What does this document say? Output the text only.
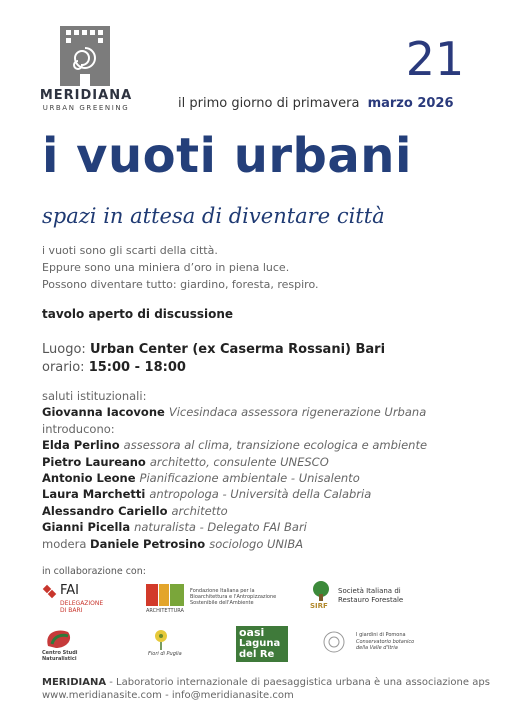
MERIDIANA
URBAN GREENING
21
il primo giorno di primavera marzo 2026
i vuoti urbani
spazi in attesa di diventare città
i vuoti sono gli scarti della città.
Eppure sono una miniera d’oro in piena luce.
Possono diventare tutto: giardino, foresta, respiro.
tavolo aperto di discussione
Luogo: Urban Center (ex Caserma Rossani) Bari
orario: 15:00 - 18:00
saluti istituzionali:
Giovanna Iacovone Vicesindaca assessora rigenerazione Urbana
introducono:
Elda Perlino assessora al clima, transizione ecologica e ambiente
Pietro Laureano architetto, consulente UNESCO
Antonio Leone Pianificazione ambientale - Unisalento
Laura Marchetti antropologa - Università della Calabria
Alessandro Cariello architetto
Gianni Picella naturalista - Delegato FAI Bari
modera Daniele Petrosino sociologo UNIBA
in collaborazione con:
FAI
DELEGAZIONE
DI BARI	ARCHITETTURA
Fondazione Italiana per la
Bioarchitettura e l'Antropizzazione
Sostenibile dell'Ambiente	SIRF
Società Italiana di
Restauro Forestale
Centro Studi
Naturalistici
Fiori di Puglia
oasi
Laguna
del Re
I giardini di Pomona
Conservatorio botanico
della Valle d'Itria
MERIDIANA - Laboratorio internazionale di paesaggistica urbana è una associazione aps
www.meridianasite.com - info@meridianasite.com
